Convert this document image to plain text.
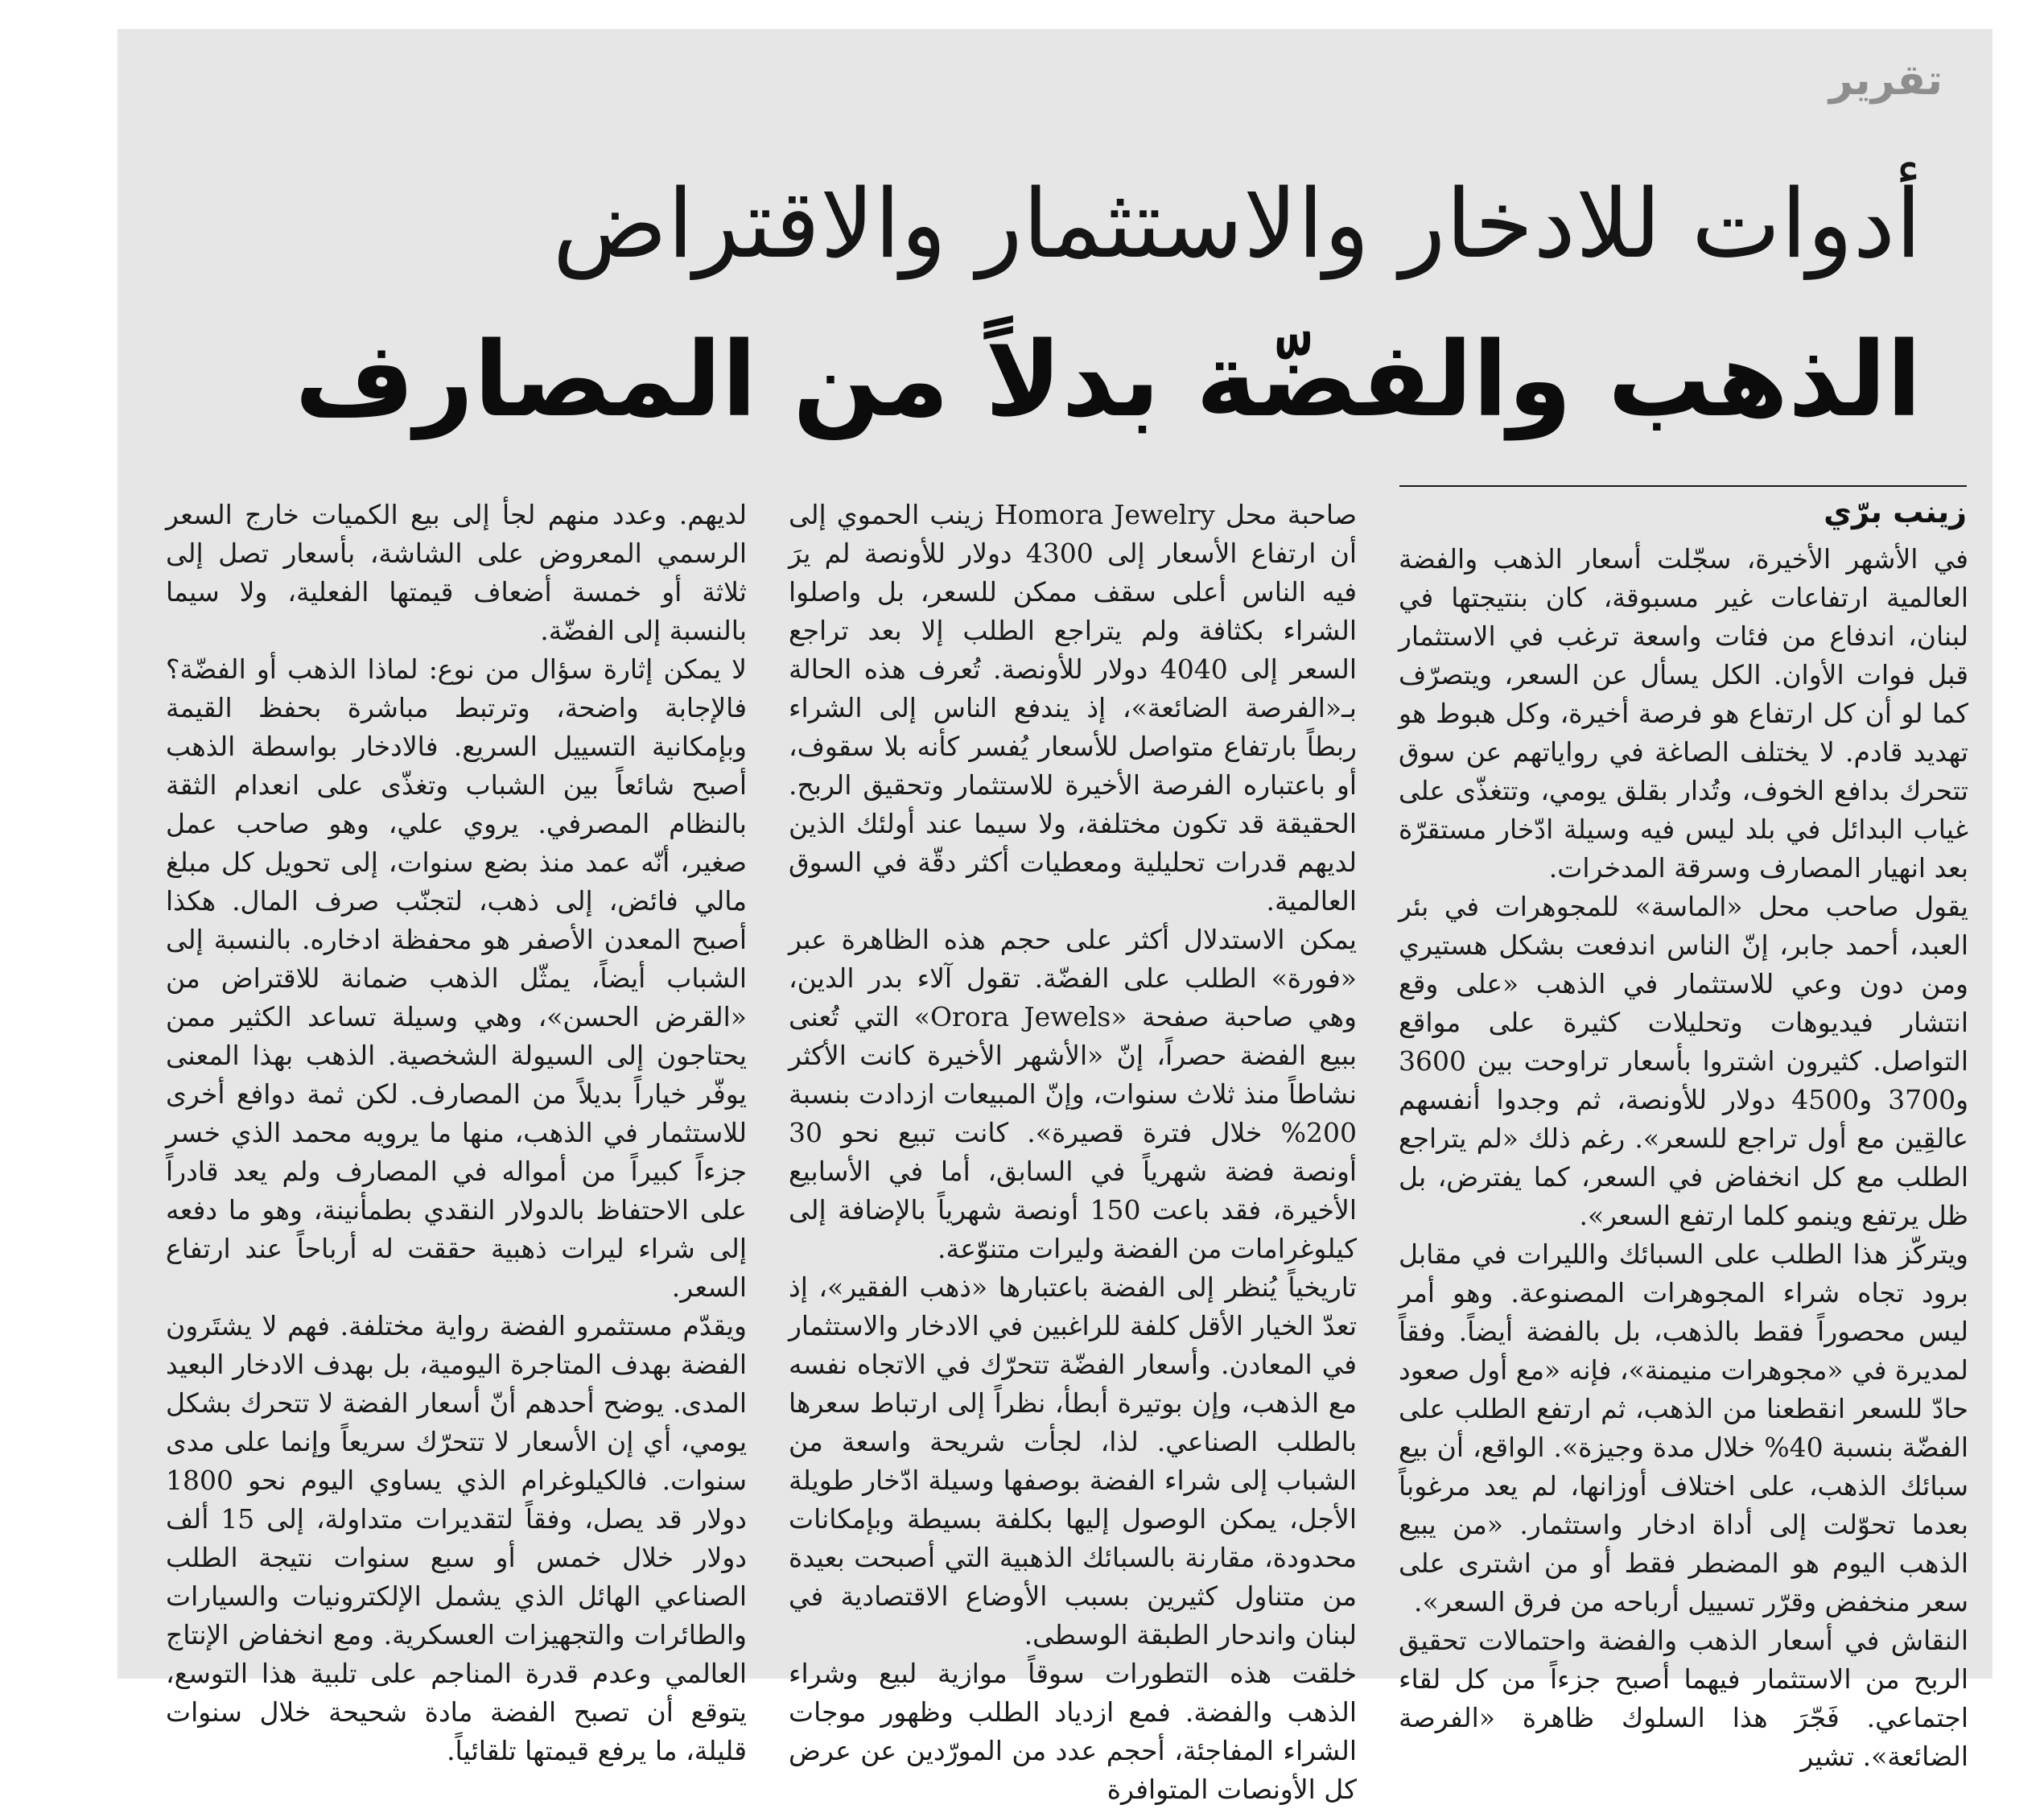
تقرير
أدوات للادخار والاستثمار والاقتراض
الذهب والفضّة بدلاً من المصارف
زينب برّي

في الأشهر الأخيرة، سجّلت أسعار الذهب والفضة العالمية ارتفاعات غير مسبوقة، كان بنتيجتها في لبنان، اندفاع من فئات واسعة ترغب في الاستثمار قبل فوات الأوان. الكل يسأل عن السعر، ويتصرّف كما لو أن كل ارتفاع هو فرصة أخيرة، وكل هبوط هو تهديد قادم. لا يختلف الصاغة في رواياتهم عن سوق تتحرك بدافع الخوف، وتُدار بقلق يومي، وتتغذّى على غياب البدائل في بلد ليس فيه وسيلة ادّخار مستقرّة بعد انهيار المصارف وسرقة المدخرات.

يقول صاحب محل «الماسة» للمجوهرات في بئر العبد، أحمد جابر، إنّ الناس اندفعت بشكل هستيري ومن دون وعي للاستثمار في الذهب «على وقع انتشار فيديوهات وتحليلات كثيرة على مواقع التواصل. كثيرون اشتروا بأسعار تراوحت بين 3600 و3700 و4500 دولار للأونصة، ثم وجدوا أنفسهم عالقِين مع أول تراجع للسعر». رغم ذلك «لم يتراجع الطلب مع كل انخفاض في السعر، كما يفترض، بل ظل يرتفع وينمو كلما ارتفع السعر».

ويتركّز هذا الطلب على السبائك والليرات في مقابل برود تجاه شراء المجوهرات المصنوعة. وهو أمر ليس محصوراً فقط بالذهب، بل بالفضة أيضاً. وفقاً لمديرة في «مجوهرات منيمنة»، فإنه «مع أول صعود حادّ للسعر انقطعنا من الذهب، ثم ارتفع الطلب على الفضّة بنسبة 40% خلال مدة وجيزة». الواقع، أن بيع سبائك الذهب، على اختلاف أوزانها، لم يعد مرغوباً بعدما تحوّلت إلى أداة ادخار واستثمار. «من يبيع الذهب اليوم هو المضطر فقط أو من اشترى على سعر منخفض وقرّر تسييل أرباحه من فرق السعر».

النقاش في أسعار الذهب والفضة واحتمالات تحقيق الربح من الاستثمار فيهما أصبح جزءاً من كل لقاء اجتماعي. فَجّرَ هذا السلوك ظاهرة «الفرصة الضائعة». تشير

صاحبة محل Homora Jewelry زينب الحموي إلى أن ارتفاع الأسعار إلى 4300 دولار للأونصة لم يرَ فيه الناس أعلى سقف ممكن للسعر، بل واصلوا الشراء بكثافة ولم يتراجع الطلب إلا بعد تراجع السعر إلى 4040 دولار للأونصة. تُعرف هذه الحالة بـ«الفرصة الضائعة»، إذ يندفع الناس إلى الشراء ربطاً بارتفاع متواصل للأسعار يُفسر كأنه بلا سقوف، أو باعتباره الفرصة الأخيرة للاستثمار وتحقيق الربح. الحقيقة قد تكون مختلفة، ولا سيما عند أولئك الذين لديهم قدرات تحليلية ومعطيات أكثر دقّة في السوق العالمية.

يمكن الاستدلال أكثر على حجم هذه الظاهرة عبر «فورة» الطلب على الفضّة. تقول آلاء بدر الدين، وهي صاحبة صفحة «Orora Jewels» التي تُعنى ببيع الفضة حصراً، إنّ «الأشهر الأخيرة كانت الأكثر نشاطاً منذ ثلاث سنوات، وإنّ المبيعات ازدادت بنسبة 200% خلال فترة قصيرة». كانت تبيع نحو 30 أونصة فضة شهرياً في السابق، أما في الأسابيع الأخيرة، فقد باعت 150 أونصة شهرياً بالإضافة إلى كيلوغرامات من الفضة وليرات متنوّعة.

تاريخياً يُنظر إلى الفضة باعتبارها «ذهب الفقير»، إذ تعدّ الخيار الأقل كلفة للراغبين في الادخار والاستثمار في المعادن. وأسعار الفضّة تتحرّك في الاتجاه نفسه مع الذهب، وإن بوتيرة أبطأ، نظراً إلى ارتباط سعرها بالطلب الصناعي. لذا، لجأت شريحة واسعة من الشباب إلى شراء الفضة بوصفها وسيلة ادّخار طويلة الأجل، يمكن الوصول إليها بكلفة بسيطة وبإمكانات محدودة، مقارنة بالسبائك الذهبية التي أصبحت بعيدة من متناول كثيرين بسبب الأوضاع الاقتصادية في لبنان واندحار الطبقة الوسطى.

خلقت هذه التطورات سوقاً موازية لبيع وشراء الذهب والفضة. فمع ازدياد الطلب وظهور موجات الشراء المفاجئة، أحجم عدد من المورّدين عن عرض كل الأونصات المتوافرة

لديهم. وعدد منهم لجأ إلى بيع الكميات خارج السعر الرسمي المعروض على الشاشة، بأسعار تصل إلى ثلاثة أو خمسة أضعاف قيمتها الفعلية، ولا سيما بالنسبة إلى الفضّة.

لا يمكن إثارة سؤال من نوع: لماذا الذهب أو الفضّة؟ فالإجابة واضحة، وترتبط مباشرة بحفظ القيمة وبإمكانية التسييل السريع. فالادخار بواسطة الذهب أصبح شائعاً بين الشباب وتغذّى على انعدام الثقة بالنظام المصرفي. يروي علي، وهو صاحب عمل صغير، أنّه عمد منذ بضع سنوات، إلى تحويل كل مبلغ مالي فائض، إلى ذهب، لتجنّب صرف المال. هكذا أصبح المعدن الأصفر هو محفظة ادخاره. بالنسبة إلى الشباب أيضاً، يمثّل الذهب ضمانة للاقتراض من «القرض الحسن»، وهي وسيلة تساعد الكثير ممن يحتاجون إلى السيولة الشخصية. الذهب بهذا المعنى يوفّر خياراً بديلاً من المصارف. لكن ثمة دوافع أخرى للاستثمار في الذهب، منها ما يرويه محمد الذي خسر جزءاً كبيراً من أمواله في المصارف ولم يعد قادراً على الاحتفاظ بالدولار النقدي بطمأنينة، وهو ما دفعه إلى شراء ليرات ذهبية حققت له أرباحاً عند ارتفاع السعر.

ويقدّم مستثمرو الفضة رواية مختلفة. فهم لا يشتَرون الفضة بهدف المتاجرة اليومية، بل بهدف الادخار البعيد المدى. يوضح أحدهم أنّ أسعار الفضة لا تتحرك بشكل يومي، أي إن الأسعار لا تتحرّك سريعاً وإنما على مدى سنوات. فالكيلوغرام الذي يساوي اليوم نحو 1800 دولار قد يصل، وفقاً لتقديرات متداولة، إلى 15 ألف دولار خلال خمس أو سبع سنوات نتيجة الطلب الصناعي الهائل الذي يشمل الإلكترونيات والسيارات والطائرات والتجهيزات العسكرية. ومع انخفاض الإنتاج العالمي وعدم قدرة المناجم على تلبية هذا التوسع، يتوقع أن تصبح الفضة مادة شحيحة خلال سنوات قليلة، ما يرفع قيمتها تلقائياً.
